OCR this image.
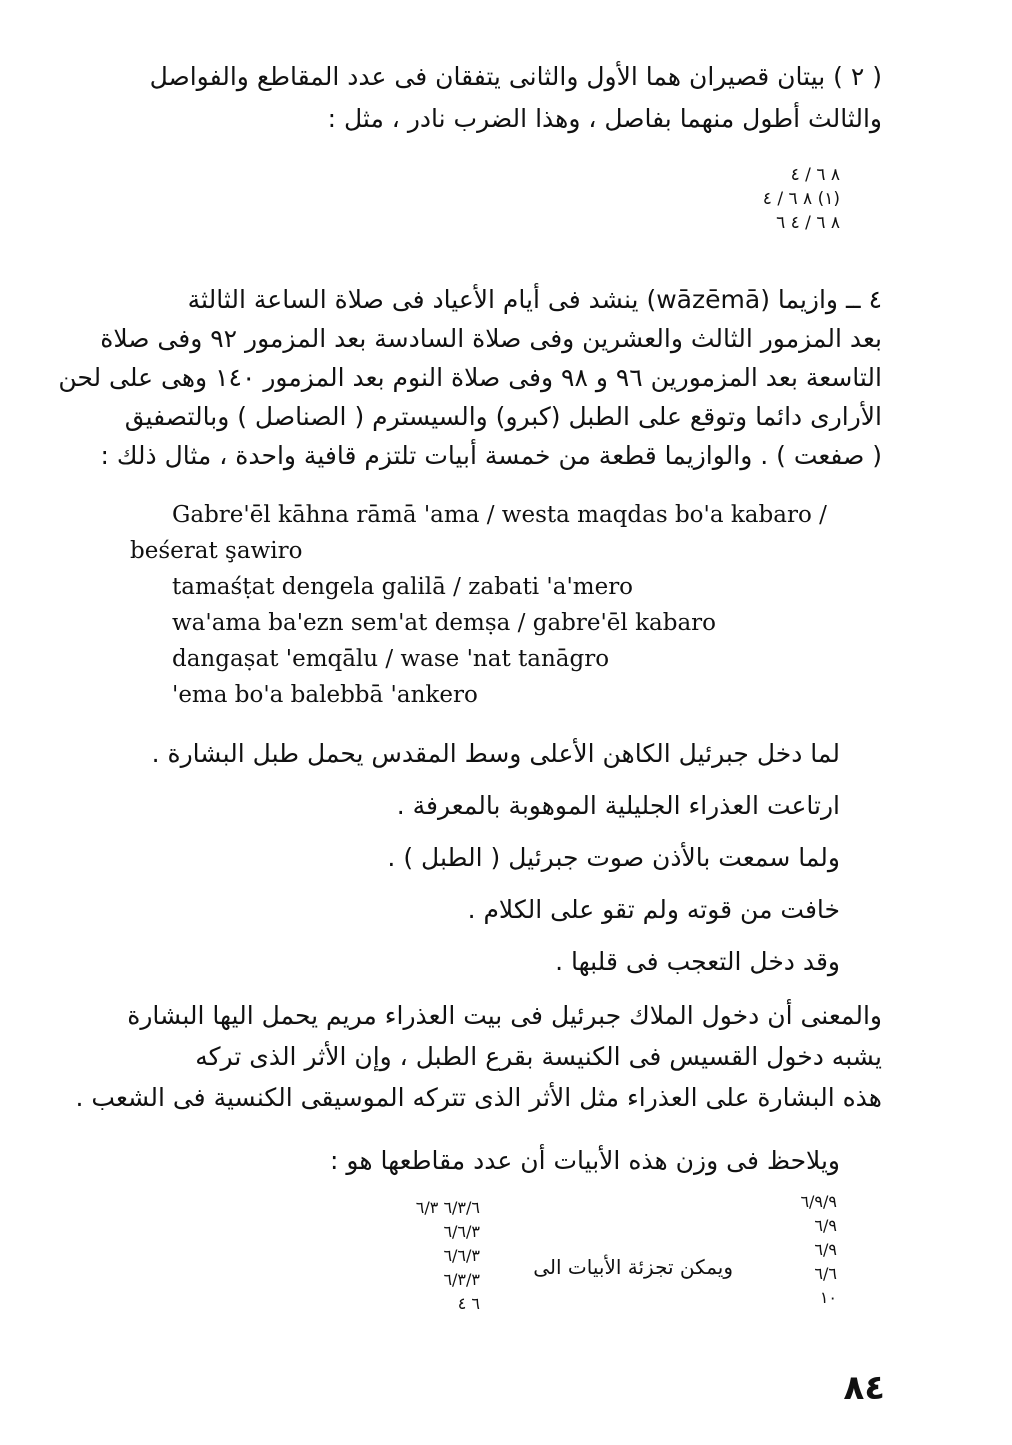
( ٢ ) بيتان قصيران هما الأول والثانى يتفقان فى عدد المقاطع والفواصل

والثالث أطول منهما بفاصل ، وهذا الضرب نادر ، مثل :

٨ ٦ / ٤

(١) ٨ ٦ / ٤

٨ ٦ / ٤ ٦

٤ ــ وازيما (wāzēmā) ينشد فى أيام الأعياد فى صلاة الساعة الثالثة

بعد المزمور الثالث والعشرين وفى صلاة السادسة بعد المزمور ٩٢ وفى صلاة

التاسعة بعد المزمورين ٩٦ و ٩٨ وفى صلاة النوم بعد المزمور ١٤٠ وهى على لحن

الأرارى دائما وتوقع على الطبل (كبرو) والسيسترم ( الصناصل ) وبالتصفيق

( صفعت ) . والوازيما قطعة من خمسة أبيات تلتزم قافية واحدة ، مثال ذلك :

Gabre'ēl kāhna rāmā 'ama / westa maqdas bo'a kabaro /

beśerat şawiro

tamaśṭat dengela galilā / zabati 'a'mero

wa'ama ba'ezn sem'at demṣa / gabre'ēl kabaro

dangaṣat 'emqālu / wase 'nat tanāgro

'ema bo'a balebbā 'ankero

لما دخل جبرئيل الكاهن الأعلى وسط المقدس يحمل طبل البشارة .

ارتاعت العذراء الجليلية الموهوبة بالمعرفة .

ولما سمعت بالأذن صوت جبرئيل ( الطبل ) .

خافت من قوته ولم تقو على الكلام .

وقد دخل التعجب فى قلبها .

والمعنى أن دخول الملاك جبرئيل فى بيت العذراء مريم يحمل اليها البشارة

يشبه دخول القسيس فى الكنيسة بقرع الطبل ، وإن الأثر الذى تركه

هذه البشارة على العذراء مثل الأثر الذى تتركه الموسيقى الكنسية فى الشعب .

ويلاحظ فى وزن هذه الأبيات أن عدد مقاطعها هو :

٦/٩/٩

٦/٩

٦/٩

٦/٦

١٠

ويمكن تجزئة الأبيات الى

٦/٣/٦ ٦/٣

٦/٦/٣

٦/٦/٣

٦/٣/٣

٦ ٤

٨٤
